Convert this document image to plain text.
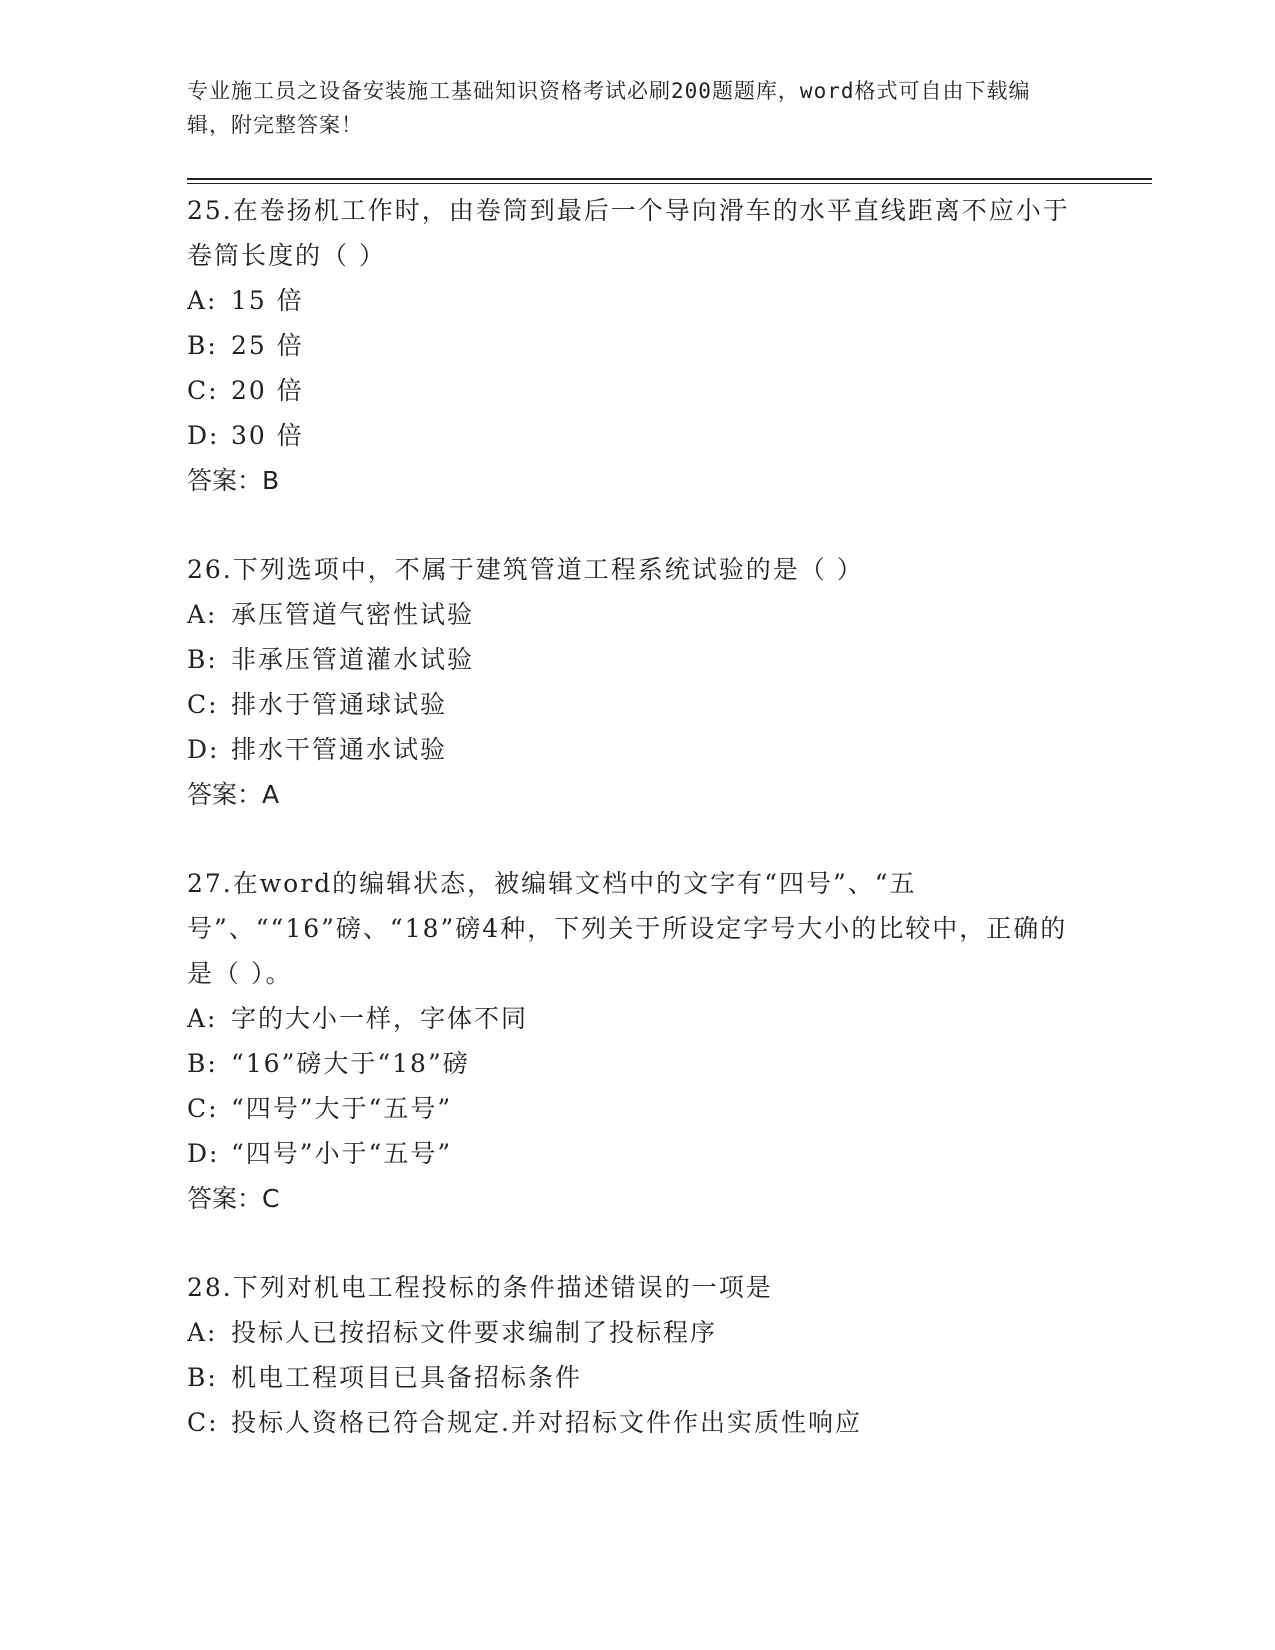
专业施工员之设备安装施工基础知识资格考试必刷200题题库，word格式可自由下载编辑，附完整答案！

25.在卷扬机工作时，由卷筒到最后一个导向滑车的水平直线距离不应小于卷筒长度的（ ）

A: 15 倍

B: 25 倍

C: 20 倍

D: 30 倍

答案：B

26.下列选项中，不属于建筑管道工程系统试验的是（ ）

A: 承压管道气密性试验

B: 非承压管道灌水试验

C: 排水于管通球试验

D: 排水干管通水试验

答案：A

27.在word的编辑状态，被编辑文档中的文字有“四号”、“五号”、““16”磅、“18”磅4种，下列关于所设定字号大小的比较中，正确的是（ ）。

A: 字的大小一样，字体不同

B: “16”磅大于“18”磅

C: “四号”大于“五号”

D: “四号”小于“五号”

答案：C

28.下列对机电工程投标的条件描述错误的一项是

A: 投标人已按招标文件要求编制了投标程序

B: 机电工程项目已具备招标条件

C: 投标人资格已符合规定.并对招标文件作出实质性响应
